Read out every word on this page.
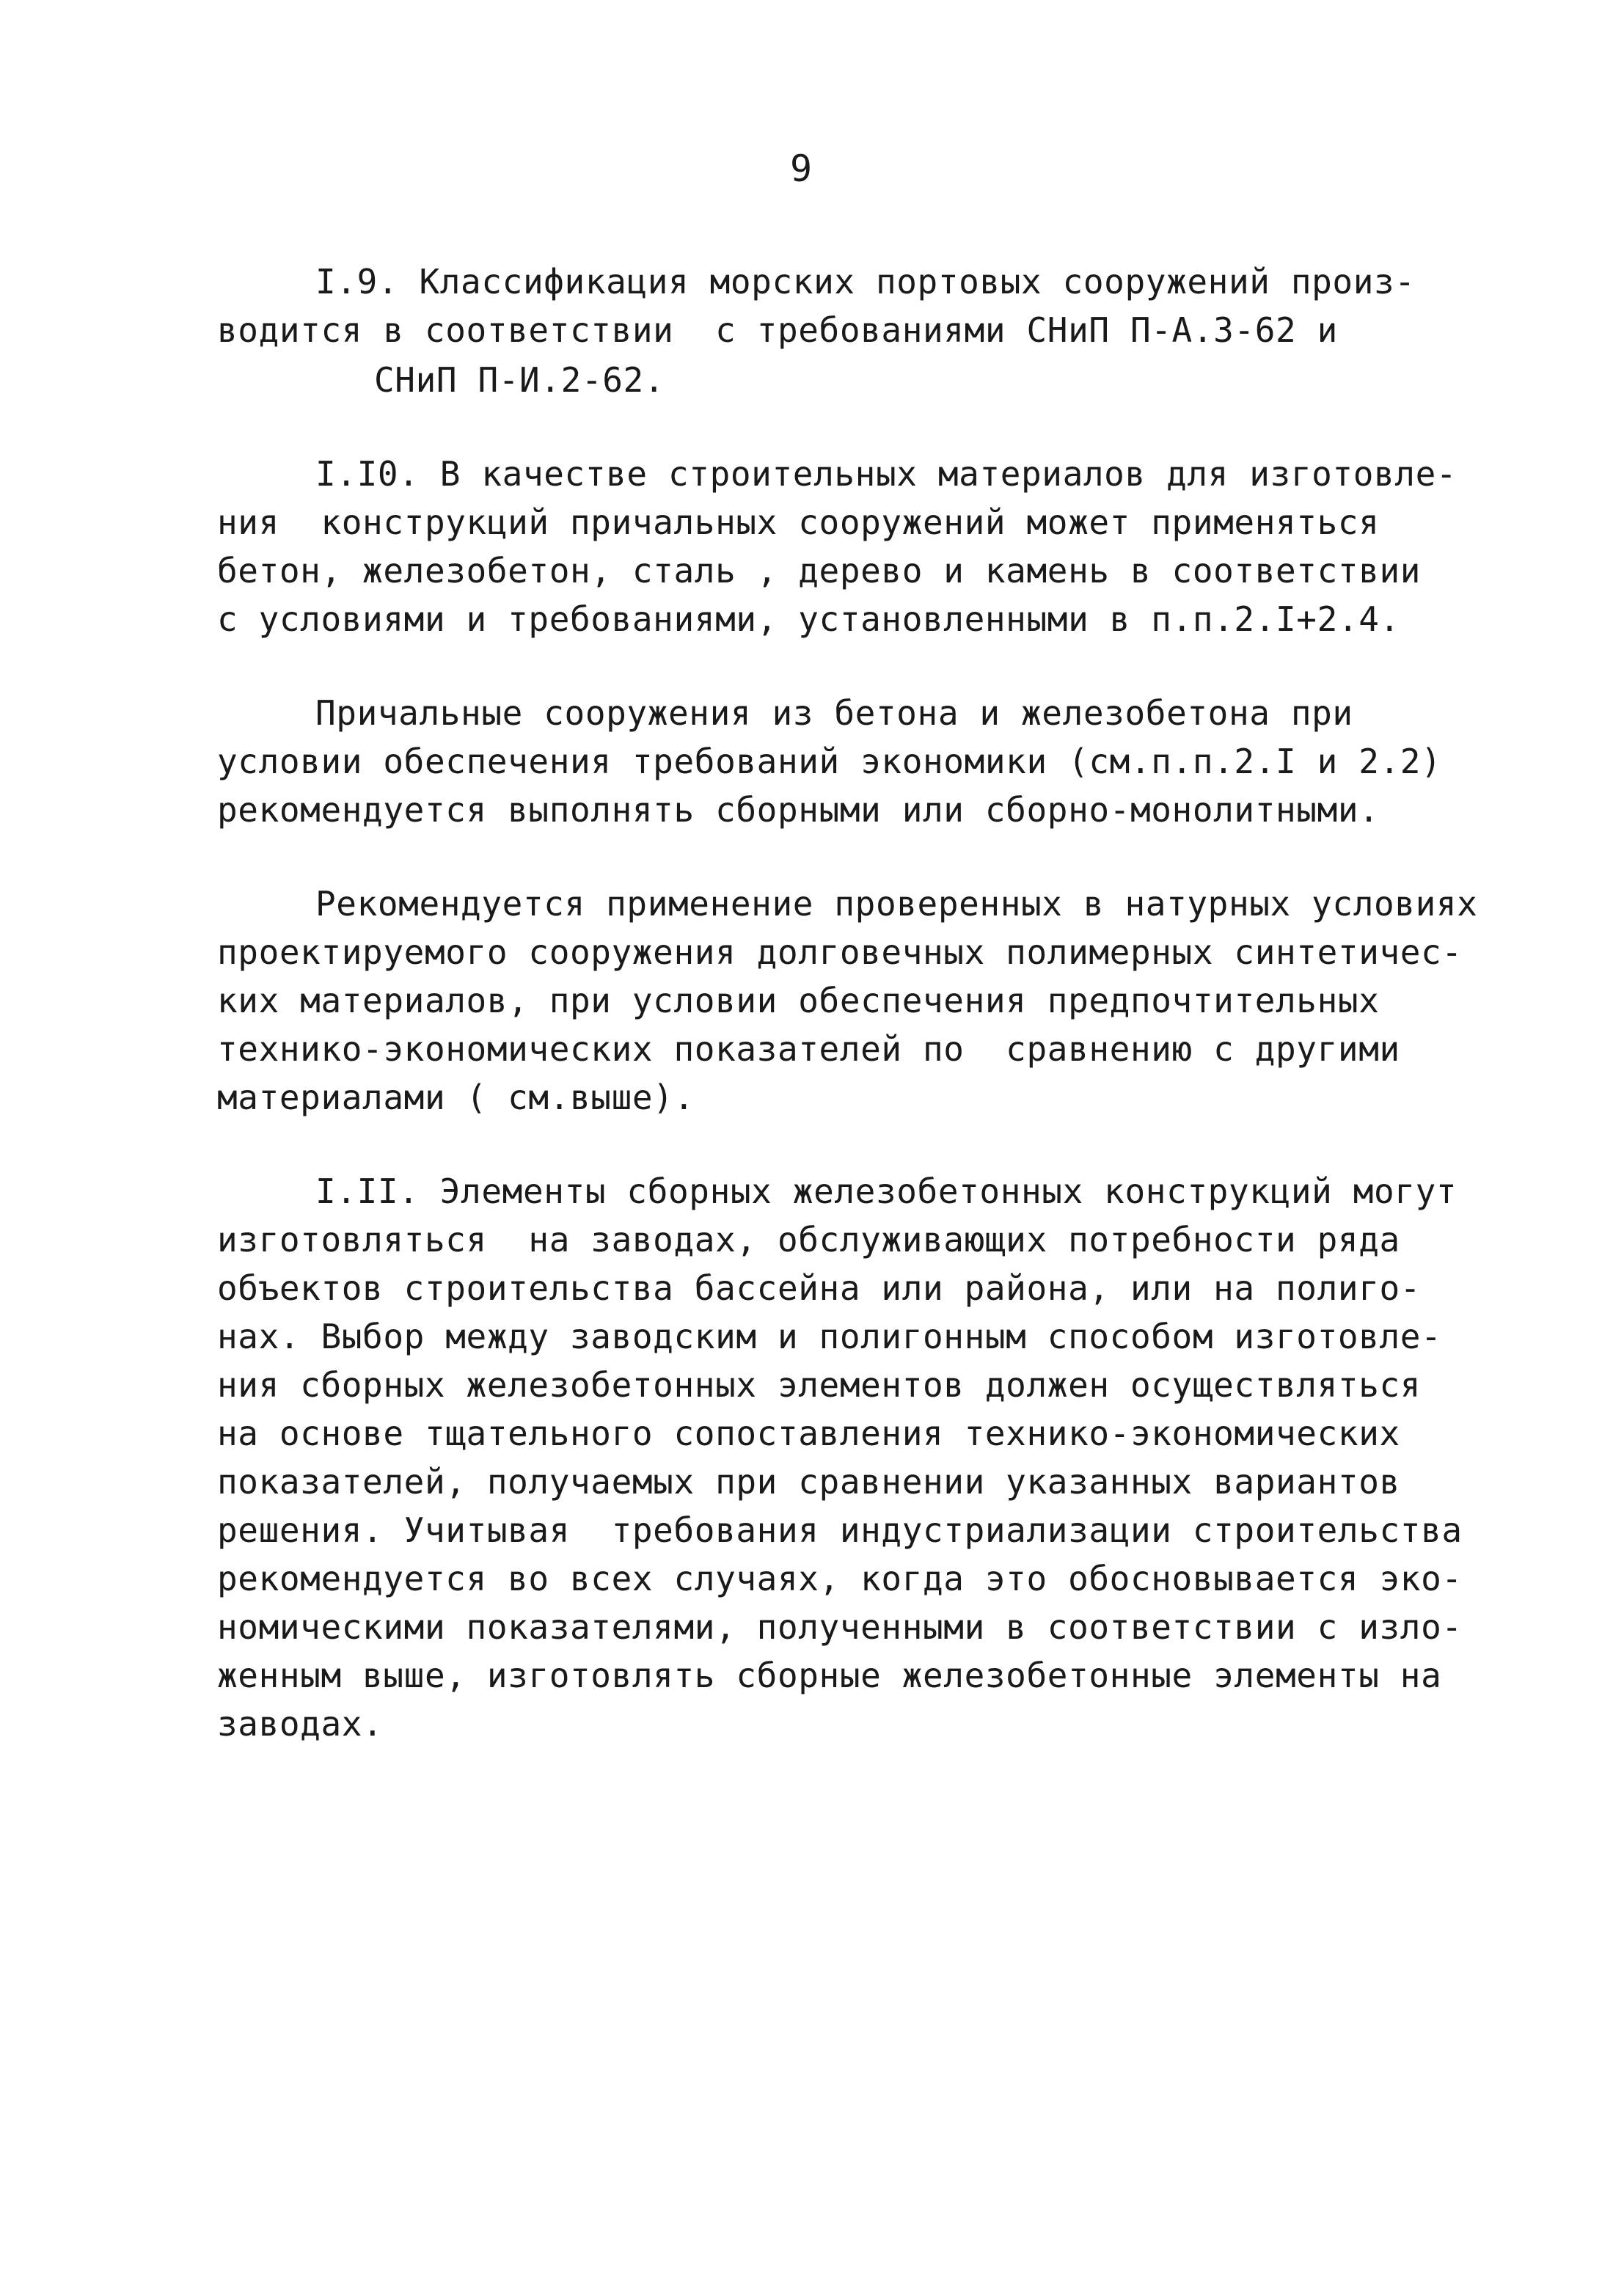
9
I.9. Классификация морских портовых сооружений произ-
водится в соответствии  с требованиями СНиП П-А.3-62 и
СНиП П-И.2-62.
I.I0. В качестве строительных материалов для изготовле-
ния  конструкций причальных сооружений может применяться
бетон, железобетон, сталь , дерево и камень в соответствии
с условиями и требованиями, установленными в п.п.2.I+2.4.
Причальные сооружения из бетона и железобетона при
условии обеспечения требований экономики (см.п.п.2.I и 2.2)
рекомендуется выполнять сборными или сборно-монолитными.
Рекомендуется применение проверенных в натурных условиях
проектируемого сооружения долговечных полимерных синтетичес-
ких материалов, при условии обеспечения предпочтительных
технико-экономических показателей по  сравнению с другими
материалами ( см.выше).
I.II. Элементы сборных железобетонных конструкций могут
изготовляться  на заводах, обслуживающих потребности ряда
объектов строительства бассейна или района, или на полигo-
нах. Выбор между заводским и полигонным способом изготовле-
ния сборных железобетонных элементов должен осуществляться
на основе тщательного сопоставления технико-экономических
показателей, получаемых при сравнении указанных вариантов
решения. Учитывая  требования индустриализации строительства
рекомендуется во всех случаях, когда это обосновывается эко-
номическими показателями, полученными в соответствии с изло-
женным выше, изготовлять сборные железобетонные элементы на
заводах.
